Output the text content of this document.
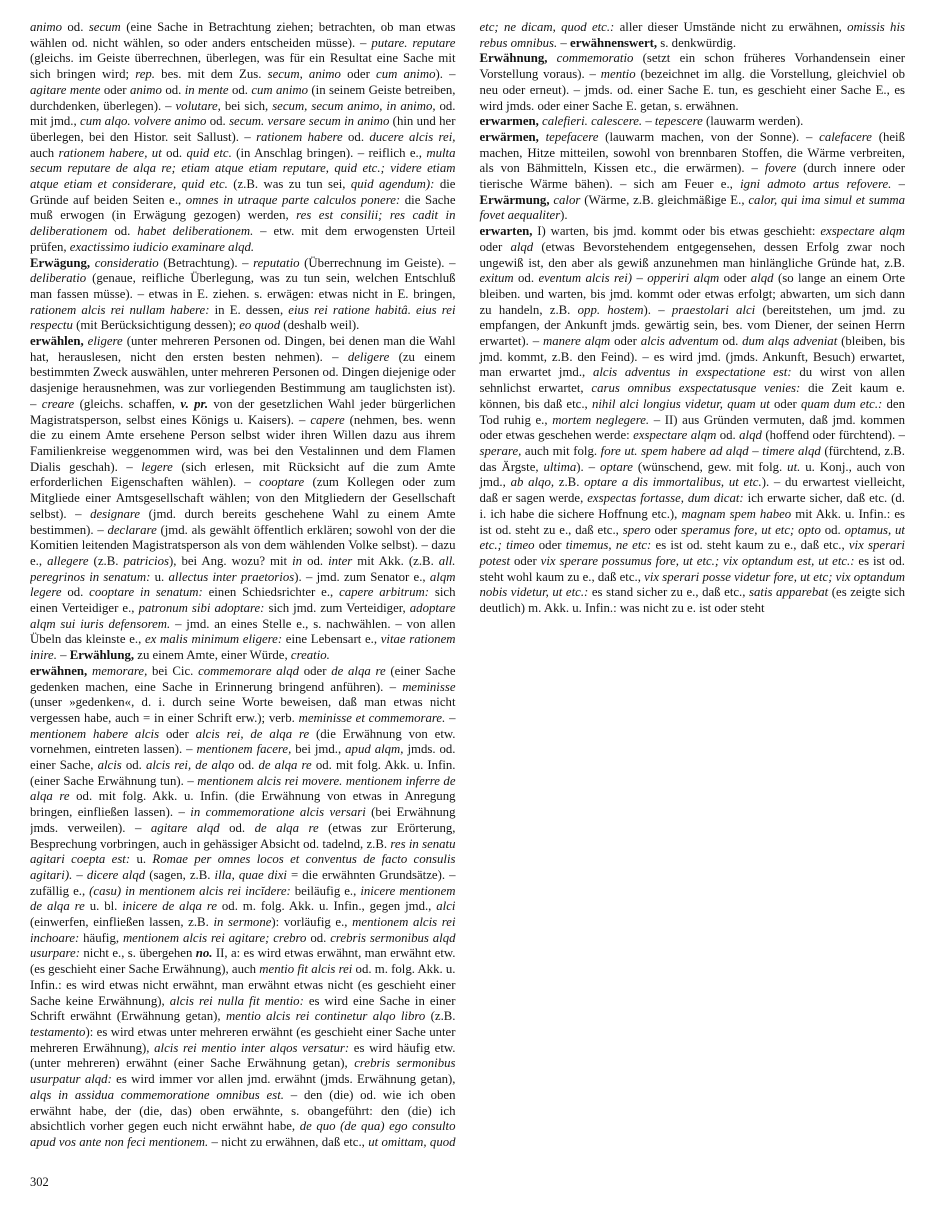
animo od. secum (eine Sache in Betrachtung ziehen; betrachten, ob man etwas wählen od. nicht wählen, so oder anders entscheiden müsse). – putare. reputare (gleichs. im Geiste überrechnen, überlegen, was für ein Resultat eine Sache mit sich bringen wird; rep. bes. mit dem Zus. secum, animo oder cum animo). – agitare mente oder animo od. in mente od. cum animo (in seinem Geiste betreiben, durchdenken, überlegen). – volutare, bei sich, secum, secum animo, in animo, od. mit jmd., cum alqo. volvere animo od. secum. versare secum in animo (hin und her überlegen, bei den Histor. seit Sallust). – rationem habere od. ducere alcis rei, auch rationem habere, ut od. quid etc. (in Anschlag bringen). – reiflich e., multa secum reputare de alqa re; etiam atque etiam reputare, quid etc.; videre etiam atque etiam et considerare, quid etc. (z.B. was zu tun sei, quid agendum): die Gründe auf beiden Seiten e., omnes in utraque parte calculos ponere: die Sache muß erwogen (in Erwägung gezogen) werden, res est consilii; res cadit in deliberationem od. habet deliberationem. – etw. mit dem erwogensten Urteil prüfen, exactissimo iudicio examinare alqd.

Erwägung, consideratio (Betrachtung). – reputatio (Überrechnung im Geiste). – deliberatio (genaue, reifliche Überlegung, was zu tun sein, welchen Entschluß man fassen müsse). – etwas in E. ziehen. s. erwägen: etwas nicht in E. bringen, rationem alcis rei nullam habere: in E. dessen, eius rei ratione habitâ. eius rei respectu (mit Berücksichtigung dessen); eo quod (deshalb weil).

erwählen, eligere (unter mehreren Personen od. Dingen, bei denen man die Wahl hat, herauslesen, nicht den ersten besten nehmen). – deligere (zu einem bestimmten Zweck auswählen, unter mehreren Personen od. Dingen diejenige oder dasjenige herausnehmen, was zur vorliegenden Bestimmung am tauglichsten ist). – creare (gleichs. schaffen, v. pr. von der gesetzlichen Wahl jeder bürgerlichen Magistratsperson, selbst eines Königs u. Kaisers). – capere (nehmen, bes. wenn die zu einem Amte ersehene Person selbst wider ihren Willen dazu aus ihrem Familienkreise weggenommen wird, was bei den Vestalinnen und dem Flamen Dialis geschah). – legere (sich erlesen, mit Rücksicht auf die zum Amte erforderlichen Eigenschaften wählen). – cooptare (zum Kollegen oder zum Mitgliede einer Amtsgesellschaft wählen; von den Mitgliedern der Gesellschaft selbst). – designare (jmd. durch bereits geschehene Wahl zu einem Amte bestimmen). – declarare (jmd. als gewählt öffentlich erklären; sowohl von der die Komitien leitenden Magistratsperson als von dem wählenden Volke selbst). – dazu e., allegere (z.B. patricios), bei Ang. wozu? mit in od. inter mit Akk. (z.B. all. peregrinos in senatum: u. allectus inter praetorios). – jmd. zum Senator e., alqm legere od. cooptare in senatum: einen Schiedsrichter e., capere arbitrum: sich einen Verteidiger e., patronum sibi adoptare: sich jmd. zum Verteidiger, adoptare alqm sui iuris defensorem. – jmd. an eines Stelle e., s. nachwählen. – von allen Übeln das kleinste e., ex malis minimum eligere: eine Lebensart e., vitae rationem inire. – Erwählung, zu einem Amte, einer Würde, creatio.

erwähnen, memorare, bei Cic. commemorare alqd oder de alqa re (einer Sache gedenken machen, eine Sache in Erinnerung bringend anführen). – meminisse (unser »gedenken«, d. i. durch seine Worte beweisen, daß man etwas nicht vergessen habe, auch = in einer Schrift erw.); verb. meminisse et commemorare. – mentionem habere alcis oder alcis rei, de alqa re (die Erwähnung von etw. vornehmen, eintreten lassen). – mentionem facere, bei jmd., apud alqm, jmds. od. einer Sache, alcis od. alcis rei, de alqo od. de alqa re od. mit folg. Akk. u. Infin. (einer Sache Erwähnung tun). – mentionem alcis rei movere. mentionem inferre de alqa re od. mit folg. Akk. u. Infin. (die Erwähnung von etwas in Anregung bringen, einfließen lassen). – in commemoratione alcis versari (bei Erwähnung jmds. verweilen). – agitare alqd od. de alqa re (etwas zur Erörterung, Besprechung vorbringen, auch in gehässiger Absicht od. tadelnd, z.B. res in senatu agitari coepta est: u. Romae per omnes locos et conventus de facto consulis agitari). – dicere alqd (sagen, z.B. illa, quae dixi = die erwähnten Grundsätze). – zufällig e., (casu) in mentionem alcis rei incĭdere: beiläufig e., inicere mentionem de alqa re u. bl. inicere de alqa re od. m. folg. Akk. u. Infin., gegen jmd., alci (einwerfen, einfließen lassen, z.B. in sermone): vorläufig e., mentionem alcis rei inchoare: häufig, mentionem alcis rei agitare; crebro od. crebris sermonibus alqd usurpare: nicht e., s. übergehen no. II, a: es wird etwas erwähnt, man erwähnt etw. (es geschieht einer Sache Erwähnung), auch mentio fit alcis rei od. m. folg. Akk. u. Infin.: es wird etwas nicht erwähnt, man erwähnt etwas nicht (es geschieht einer Sache keine Erwähnung), alcis rei nulla fit mentio: es wird eine Sache in einer Schrift erwähnt (Erwähnung getan), mentio alcis rei continetur alqo libro (z.B. testamento): es wird etwas unter mehreren erwähnt (es geschieht einer Sache unter mehreren Erwähnung), alcis rei mentio inter alqos versatur: es wird häufig etw. (unter mehreren) erwähnt (einer Sache Erwähnung getan), crebris sermonibus usurpatur alqd: es wird immer vor allen jmd. erwähnt (jmds. Erwähnung getan), alqs in assidua commemoratione omnibus est. – den (die) od. wie ich oben erwähnt habe, der (die, das) oben erwähnte, s. obangeführt: den (die) ich absichtlich vorher gegen euch nicht erwähnt habe, de quo (de qua) ego consulto apud vos ante non feci mentionem. – nicht zu erwähnen, daß etc., ut omittam, quod etc; ne dicam, quod etc.: aller dieser Umstände nicht zu erwähnen, omissis his rebus omnibus. – erwähnenswert, s. denkwürdig.

Erwähnung, commemoratio (setzt ein schon früheres Vorhandensein einer Vorstellung voraus). – mentio (bezeichnet im allg. die Vorstellung, gleichviel ob neu oder erneut). – jmds. od. einer Sache E. tun, es geschieht einer Sache E., es wird jmds. oder einer Sache E. getan, s. erwähnen.

erwarmen, calefieri. calescere. – tepescere (lauwarm werden).

erwärmen, tepefacere (lauwarm machen, von der Sonne). – calefacere (heiß machen, Hitze mitteilen, sowohl von brennbaren Stoffen, die Wärme verbreiten, als von Bähmitteln, Kissen etc., die erwärmen). – fovere (durch innere oder tierische Wärme bähen). – sich am Feuer e., igni admoto artus refovere. – Erwärmung, calor (Wärme, z.B. gleichmäßige E., calor, qui ima simul et summa fovet aequaliter).

erwarten, I) warten, bis jmd. kommt oder bis etwas geschieht: exspectare alqm oder alqd (etwas Bevorstehendem entgegensehen, dessen Erfolg zwar noch ungewiß ist, den aber als gewiß anzunehmen man hinlängliche Gründe hat, z.B. exitum od. eventum alcis rei) – opperiri alqm oder alqd (so lange an einem Orte bleiben. und warten, bis jmd. kommt oder etwas erfolgt; abwarten, um sich dann zu handeln, z.B. opp. hostem). – praestolari alci (bereitstehen, um jmd. zu empfangen, der Ankunft jmds. gewärtig sein, bes. vom Diener, der seinen Herrn erwartet). – manere alqm oder alcis adventum od. dum alqs adveniat (bleiben, bis jmd. kommt, z.B. den Feind). – es wird jmd. (jmds. Ankunft, Besuch) erwartet, man erwartet jmd., alcis adventus in exspectatione est: du wirst von allen sehnlichst erwartet, carus omnibus exspectatusque venies: die Zeit kaum e. können, bis daß etc., nihil alci longius videtur, quam ut oder quam dum etc.: den Tod ruhig e., mortem neglegere. – II) aus Gründen vermuten, daß jmd. kommen oder etwas geschehen werde: exspectare alqm od. alqd (hoffend oder fürchtend). – sperare, auch mit folg. fore ut. spem habere ad alqd – timere alqd (fürchtend, z.B. das Ärgste, ultima). – optare (wünschend, gew. mit folg. ut. u. Konj., auch von jmd., ab alqo, z.B. optare a dis immortalibus, ut etc.). – du erwartest vielleicht, daß er sagen werde, exspectas fortasse, dum dicat: ich erwarte sicher, daß etc. (d. i. ich habe die sichere Hoffnung etc.), magnam spem habeo mit Akk. u. Infin.: es ist od. steht zu e., daß etc., spero oder speramus fore, ut etc; opto od. optamus, ut etc.; timeo oder timemus, ne etc: es ist od. steht kaum zu e., daß etc., vix sperari potest oder vix sperare possumus fore, ut etc.; vix optandum est, ut etc.: es ist od. steht wohl kaum zu e., daß etc., vix sperari posse videtur fore, ut etc; vix optandum nobis videtur, ut etc.: es stand sicher zu e., daß etc., satis apparebat (es zeigte sich deutlich) m. Akk. u. Infin.: was nicht zu e. ist oder steht

302
